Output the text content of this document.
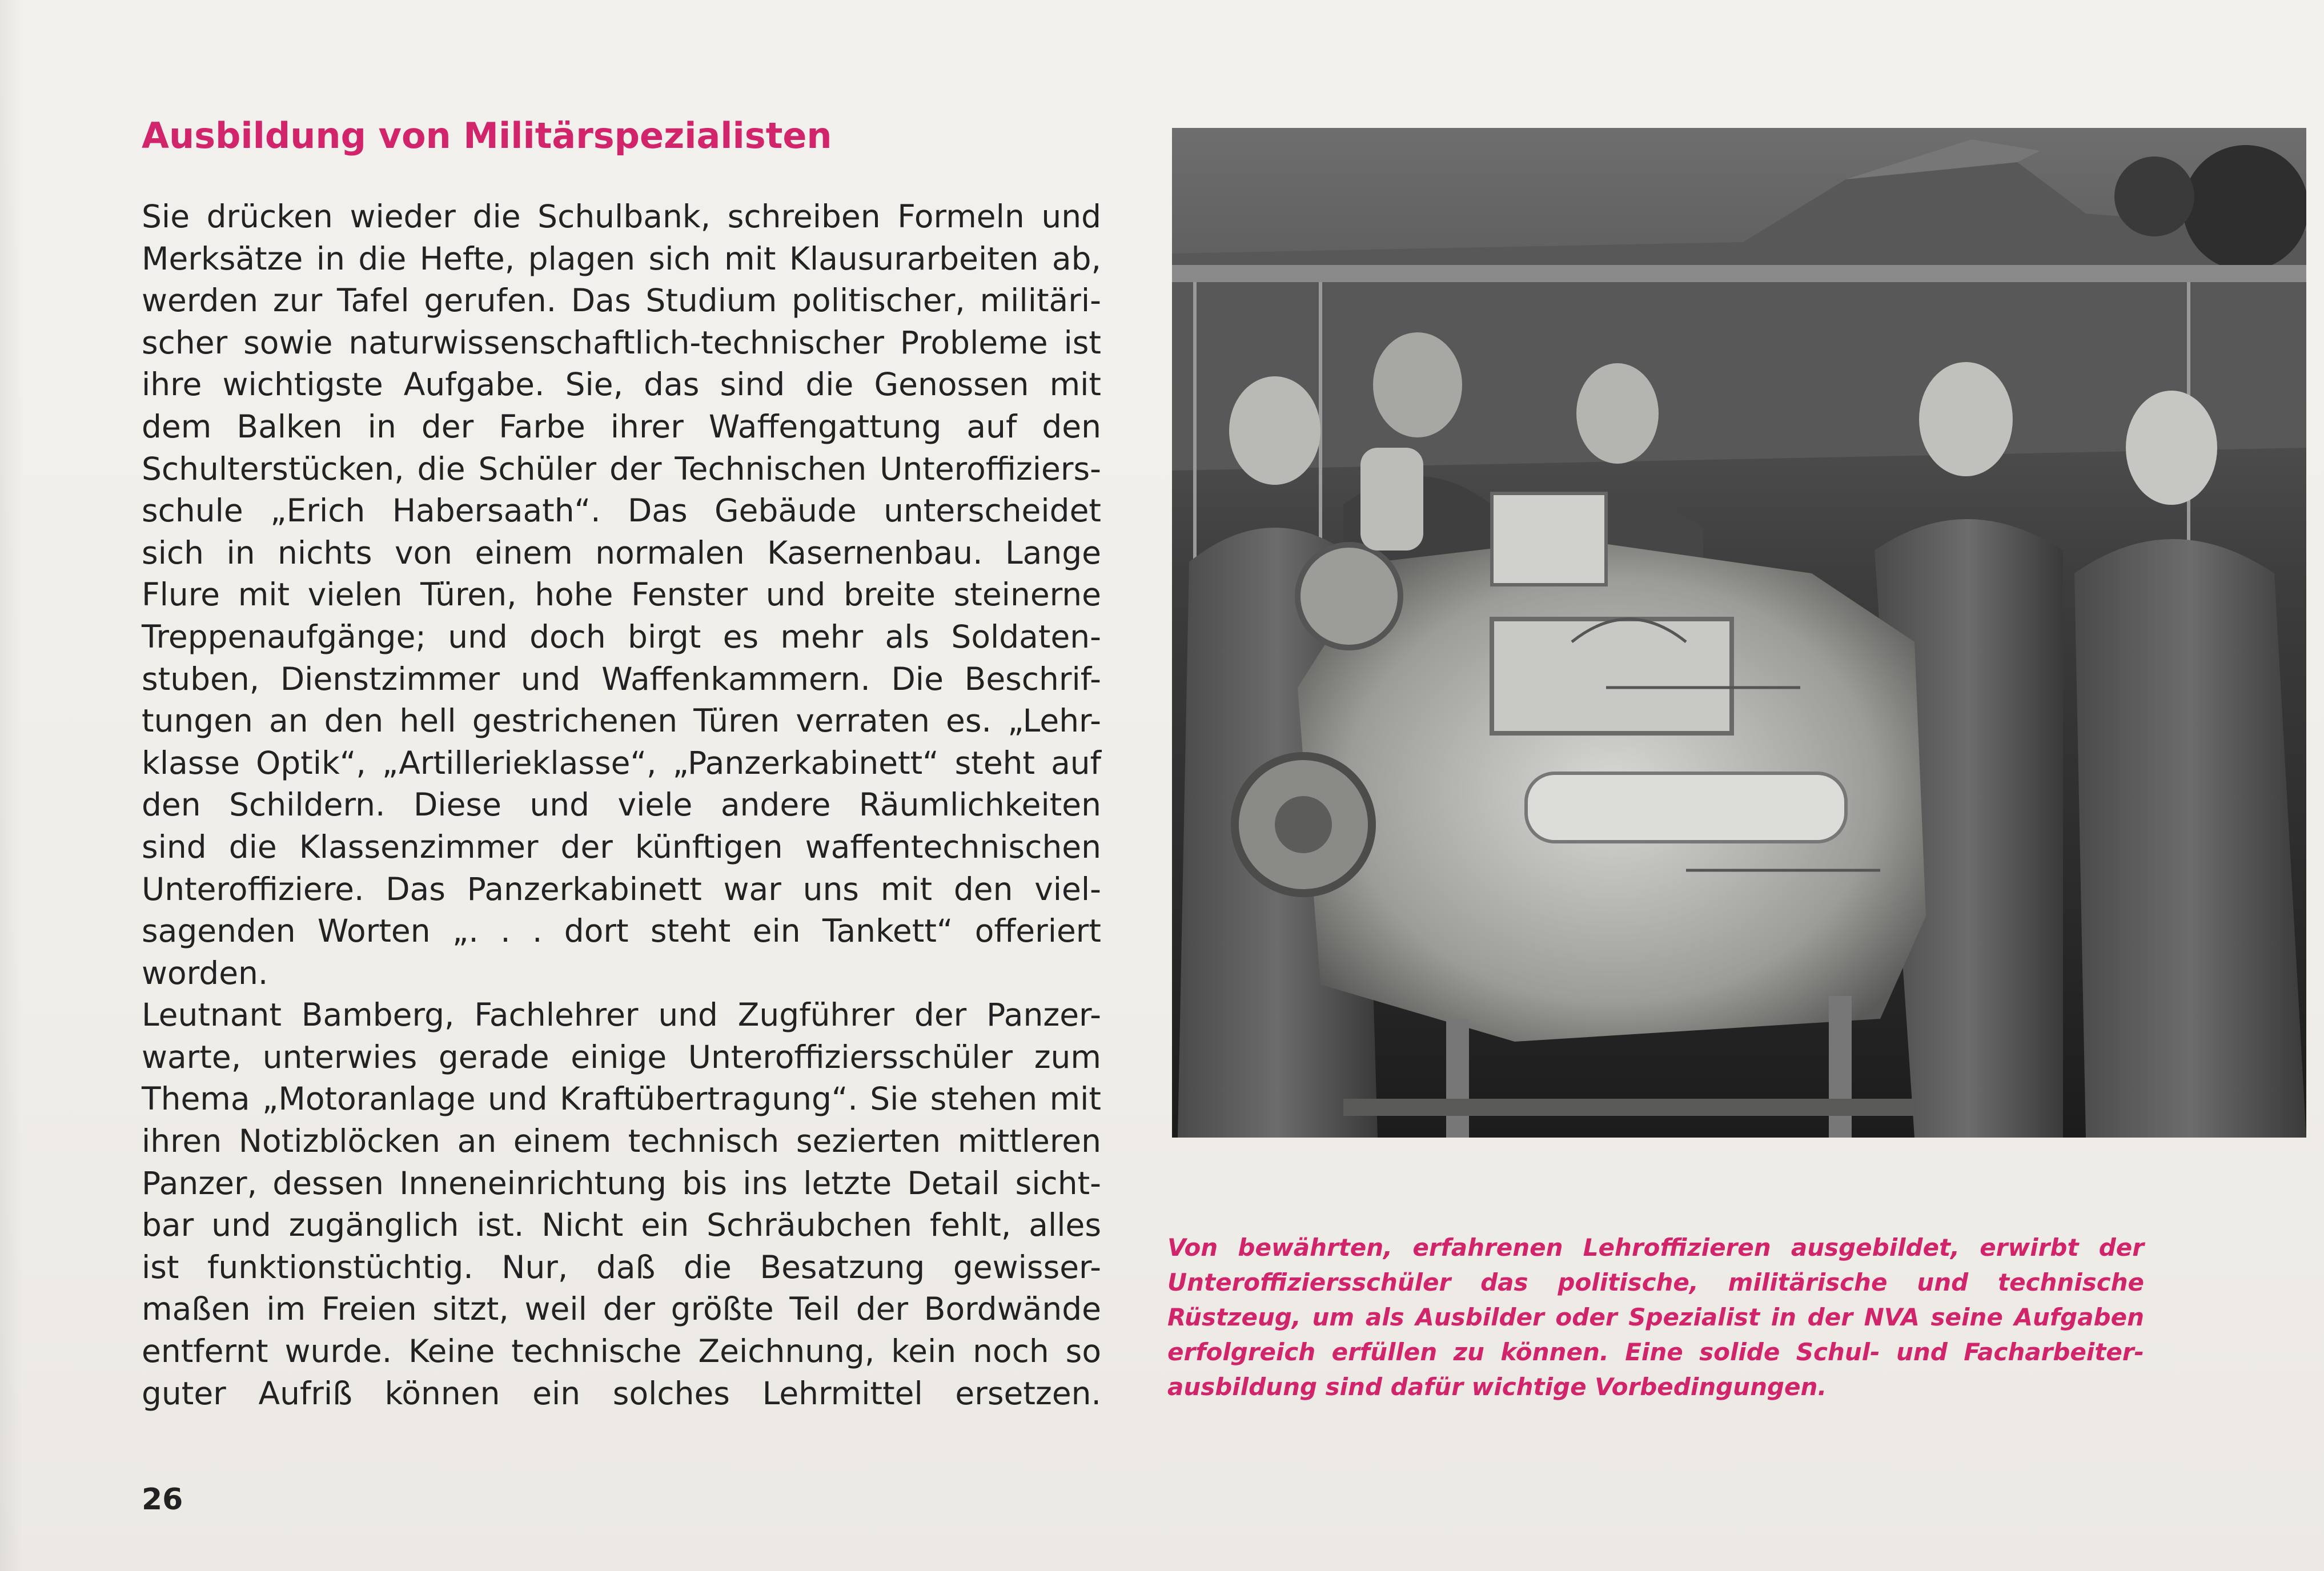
Ausbildung von Militärspezialisten
Sie drücken wieder die Schulbank, schreiben Formeln und
Merksätze in die Hefte, plagen sich mit Klausurarbeiten ab,
werden zur Tafel gerufen. Das Studium politischer, militäri-
scher sowie naturwissenschaftlich-technischer Probleme ist
ihre wichtigste Aufgabe. Sie, das sind die Genossen mit
dem Balken in der Farbe ihrer Waffengattung auf den
Schulterstücken, die Schüler der Technischen Unteroffiziers-
schule „Erich Habersaath“. Das Gebäude unterscheidet
sich in nichts von einem normalen Kasernenbau. Lange
Flure mit vielen Türen, hohe Fenster und breite steinerne
Treppenaufgänge; und doch birgt es mehr als Soldaten-
stuben, Dienstzimmer und Waffenkammern. Die Beschrif-
tungen an den hell gestrichenen Türen verraten es. „Lehr-
klasse Optik“, „Artillerieklasse“, „Panzerkabinett“ steht auf
den Schildern. Diese und viele andere Räumlichkeiten
sind die Klassenzimmer der künftigen waffentechnischen
Unteroffiziere. Das Panzerkabinett war uns mit den viel-
sagenden Worten „. . . dort steht ein Tankett“ offeriert
worden.
Leutnant Bamberg, Fachlehrer und Zugführer der Panzer-
warte, unterwies gerade einige Unteroffiziersschüler zum
Thema „Motoranlage und Kraftübertragung“. Sie stehen mit
ihren Notizblöcken an einem technisch sezierten mittleren
Panzer, dessen Inneneinrichtung bis ins letzte Detail sicht-
bar und zugänglich ist. Nicht ein Schräubchen fehlt, alles
ist funktionstüchtig. Nur, daß die Besatzung gewisser-
maßen im Freien sitzt, weil der größte Teil der Bordwände
entfernt wurde. Keine technische Zeichnung, kein noch so
guter Aufriß können ein solches Lehrmittel ersetzen.
Von bewährten, erfahrenen Lehroffizieren ausgebildet, erwirbt der
Unteroffiziersschüler das politische, militärische und technische
Rüstzeug, um als Ausbilder oder Spezialist in der NVA seine Aufgaben
erfolgreich erfüllen zu können. Eine solide Schul- und Facharbeiter-
ausbildung sind dafür wichtige Vorbedingungen.
26
